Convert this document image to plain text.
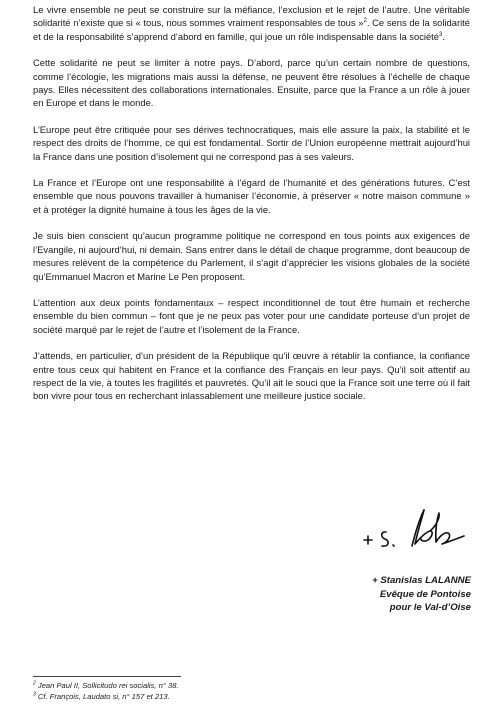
Le vivre ensemble ne peut se construire sur la méfiance, l’exclusion et le rejet de l’autre. Une véritable solidarité n’existe que si « tous, nous sommes vraiment responsables de tous »$^2$. Ce sens de la solidarité et de la responsabilité s’apprend d’abord en famille, qui joue un rôle indispensable dans la société$^3$.

Cette solidarité ne peut se limiter à notre pays. D’abord, parce qu’un certain nombre de questions, comme l’écologie, les migrations mais aussi la défense, ne peuvent être résolues à l’échelle de chaque pays. Elles nécessitent des collaborations internationales. Ensuite, parce que la France a un rôle à jouer en Europe et dans le monde.

L’Europe peut être critiquée pour ses dérives technocratiques, mais elle assure la paix, la stabilité et le respect des droits de l’homme, ce qui est fondamental. Sortir de l’Union européenne mettrait aujourd’hui la France dans une position d’isolement qui ne correspond pas à ses valeurs.

La France et l’Europe ont une responsabilité à l’égard de l’humanité et des générations futures. C’est ensemble que nous pouvons travailler à humaniser l’économie, à préserver « notre maison commune » et à protéger la dignité humaine à tous les âges de la vie.

Je suis bien conscient qu’aucun programme politique ne correspond en tous points aux exigences de l’Evangile, ni aujourd’hui, ni demain. Sans entrer dans le détail de chaque programme, dont beaucoup de mesures relèvent de la compétence du Parlement, il s’agit d’apprécier les visions globales de la société qu’Emmanuel Macron et Marine Le Pen proposent.

L’attention aux deux points fondamentaux – respect inconditionnel de tout être humain et recherche ensemble du bien commun – font que je ne peux pas voter pour une candidate porteuse d’un projet de société marqué par le rejet de l’autre et l’isolement de la France.

J’attends, en particulier, d’un président de la République qu’il œuvre à rétablir la confiance, la confiance entre tous ceux qui habitent en France et la confiance des Français en leur pays. Qu’il soit attentif au respect de la vie, à toutes les fragilités et pauvretés. Qu’il ait le souci que la France soit une terre où il fait bon vivre pour tous en recherchant inlassablement une meilleure justice sociale.

+ Stanislas LALANNE
Evêque de Pontoise
pour le Val-d’Oise
$^2$ Jean Paul II, Sollicitudo rei socialis, n° 38.
$^3$ Cf. François, Laudato si, n° 157 et 213.
